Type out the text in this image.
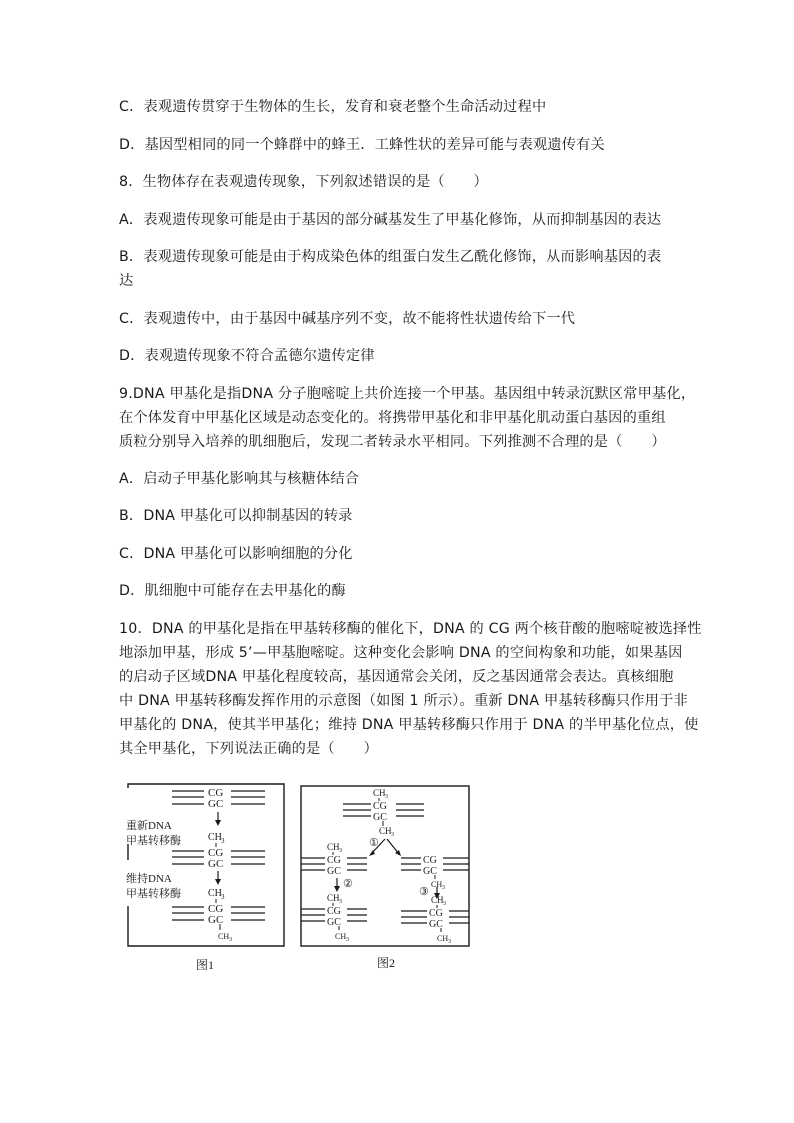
C．表观遗传贯穿于生物体的生长，发育和衰老整个生命活动过程中
D．基因型相同的同一个蜂群中的蜂王．工蜂性状的差异可能与表观遗传有关
8．生物体存在表观遗传现象，下列叙述错误的是（　　）
A．表观遗传现象可能是由于基因的部分碱基发生了甲基化修饰，从而抑制基因的表达
B．表观遗传现象可能是由于构成染色体的组蛋白发生乙酰化修饰，从而影响基因的表
达
C．表观遗传中，由于基因中碱基序列不变，故不能将性状遗传给下一代
D．表观遗传现象不符合孟德尔遗传定律
9.DNA 甲基化是指DNA 分子胞嘧啶上共价连接一个甲基。基因组中转录沉默区常甲基化，
在个体发育中甲基化区域是动态变化的。将携带甲基化和非甲基化肌动蛋白基因的重组
质粒分别导入培养的肌细胞后，发现二者转录水平相同。下列推测不合理的是（　　）
A．启动子甲基化影响其与核糖体结合
B．DNA 甲基化可以抑制基因的转录
C．DNA 甲基化可以影响细胞的分化
D．肌细胞中可能存在去甲基化的酶
10．DNA 的甲基化是指在甲基转移酶的催化下，DNA 的 CG 两个核苷酸的胞嘧啶被选择性
地添加甲基，形成 5’—甲基胞嘧啶。这种变化会影响 DNA 的空间构象和功能，如果基因
的启动子区域DNA 甲基化程度较高，基因通常会关闭，反之基因通常会表达。真核细胞
中 DNA 甲基转移酶发挥作用的示意图（如图 1 所示）。重新 DNA 甲基转移酶只作用于非
甲基化的 DNA，使其半甲基化；维持 DNA 甲基转移酶只作用于 DNA 的半甲基化位点，使
其全甲基化，下列说法正确的是（　　）
CG
GC
重新DNA
甲基转移酶	CH 3
CG
GC
维持DNA
甲基转移酶	CH 3
CG
GC
CH 3
图1
CH 3
CG
GC
CH 3
①
CH 3
CG
GC
②
CH 3
CG
GC
CH 3
CG
GC
CH 3
③
CH 3
CG
GC
CH 3
图2
